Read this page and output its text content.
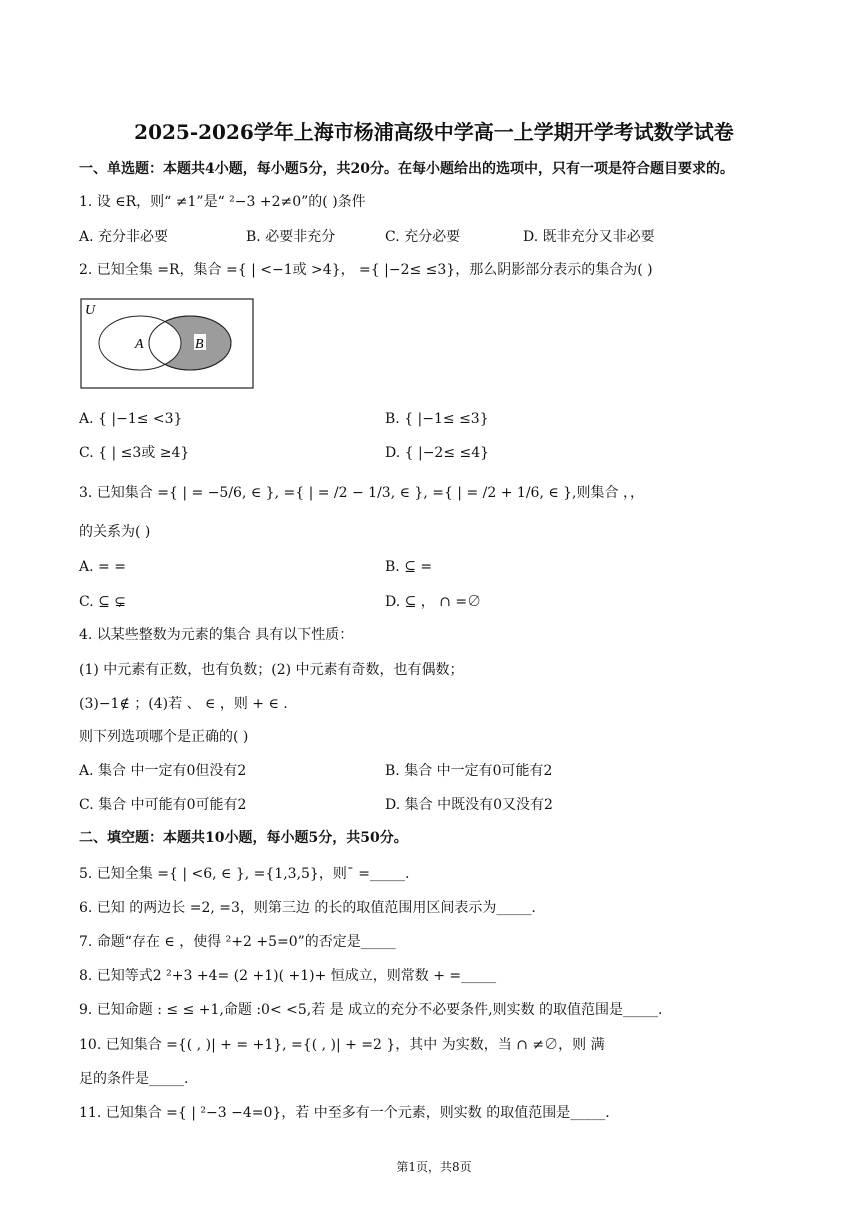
2025-2026学年上海市杨浦高级中学高一上学期开学考试数学试卷
一、单选题：本题共4小题，每小题5分，共20分。在每小题给出的选项中，只有一项是符合题目要求的。
1. 设 ∈R，则“ ≠1”是“ ²−3 +2≠0”的( )条件
A. 充分非必要	B. 必要非充分	C. 充分必要	D. 既非充分又非必要
2. 已知全集 =R，集合 ={ | <−1或 >4}， ={ |−2≤ ≤3}，那么阴影部分表示的集合为( )
U
A	B
A. { |−1≤ <3}	B. { |−1≤ ≤3}
C. { | ≤3或 ≥4}	D. { |−2≤ ≤4}
3. 已知集合 ={ | = −5/6, ∈ }, ={ | = /2 − 1/3, ∈ }, ={ | = /2 + 1/6, ∈ },则集合 ，，
的关系为( )
A. = =	B. ⊆ =
C. ⊆ ⊊	D. ⊆ ， ∩ =∅
4. 以某些整数为元素的集合 具有以下性质：
(1) 中元素有正数，也有负数；(2) 中元素有奇数，也有偶数；
(3)−1∉ ；(4)若 、 ∈ ，则 + ∈ .
则下列选项哪个是正确的( )
A. 集合 中一定有0但没有2	B. 集合 中一定有0可能有2
C. 集合 中可能有0可能有2	D. 集合 中既没有0又没有2
二、填空题：本题共10小题，每小题5分，共50分。
5. 已知全集 ={ | <6, ∈ }, ={1,3,5}，则¯ =_____.
6. 已知 的两边长 =2, =3，则第三边 的长的取值范围用区间表示为_____.
7. 命题“存在 ∈ ，使得 ²+2 +5=0”的否定是_____
8. 已知等式2 ²+3 +4= (2 +1)( +1)+ 恒成立，则常数 + =_____
9. 已知命题 : ≤ ≤ +1,命题 :0< <5,若 是 成立的充分不必要条件,则实数 的取值范围是_____.
10. 已知集合 ={( , )| + = +1}, ={( , )| + =2 }，其中 为实数，当 ∩ ≠∅，则 满
足的条件是_____.
11. 已知集合 ={ | ²−3 −4=0}，若 中至多有一个元素，则实数 的取值范围是_____.
第1页，共8页
